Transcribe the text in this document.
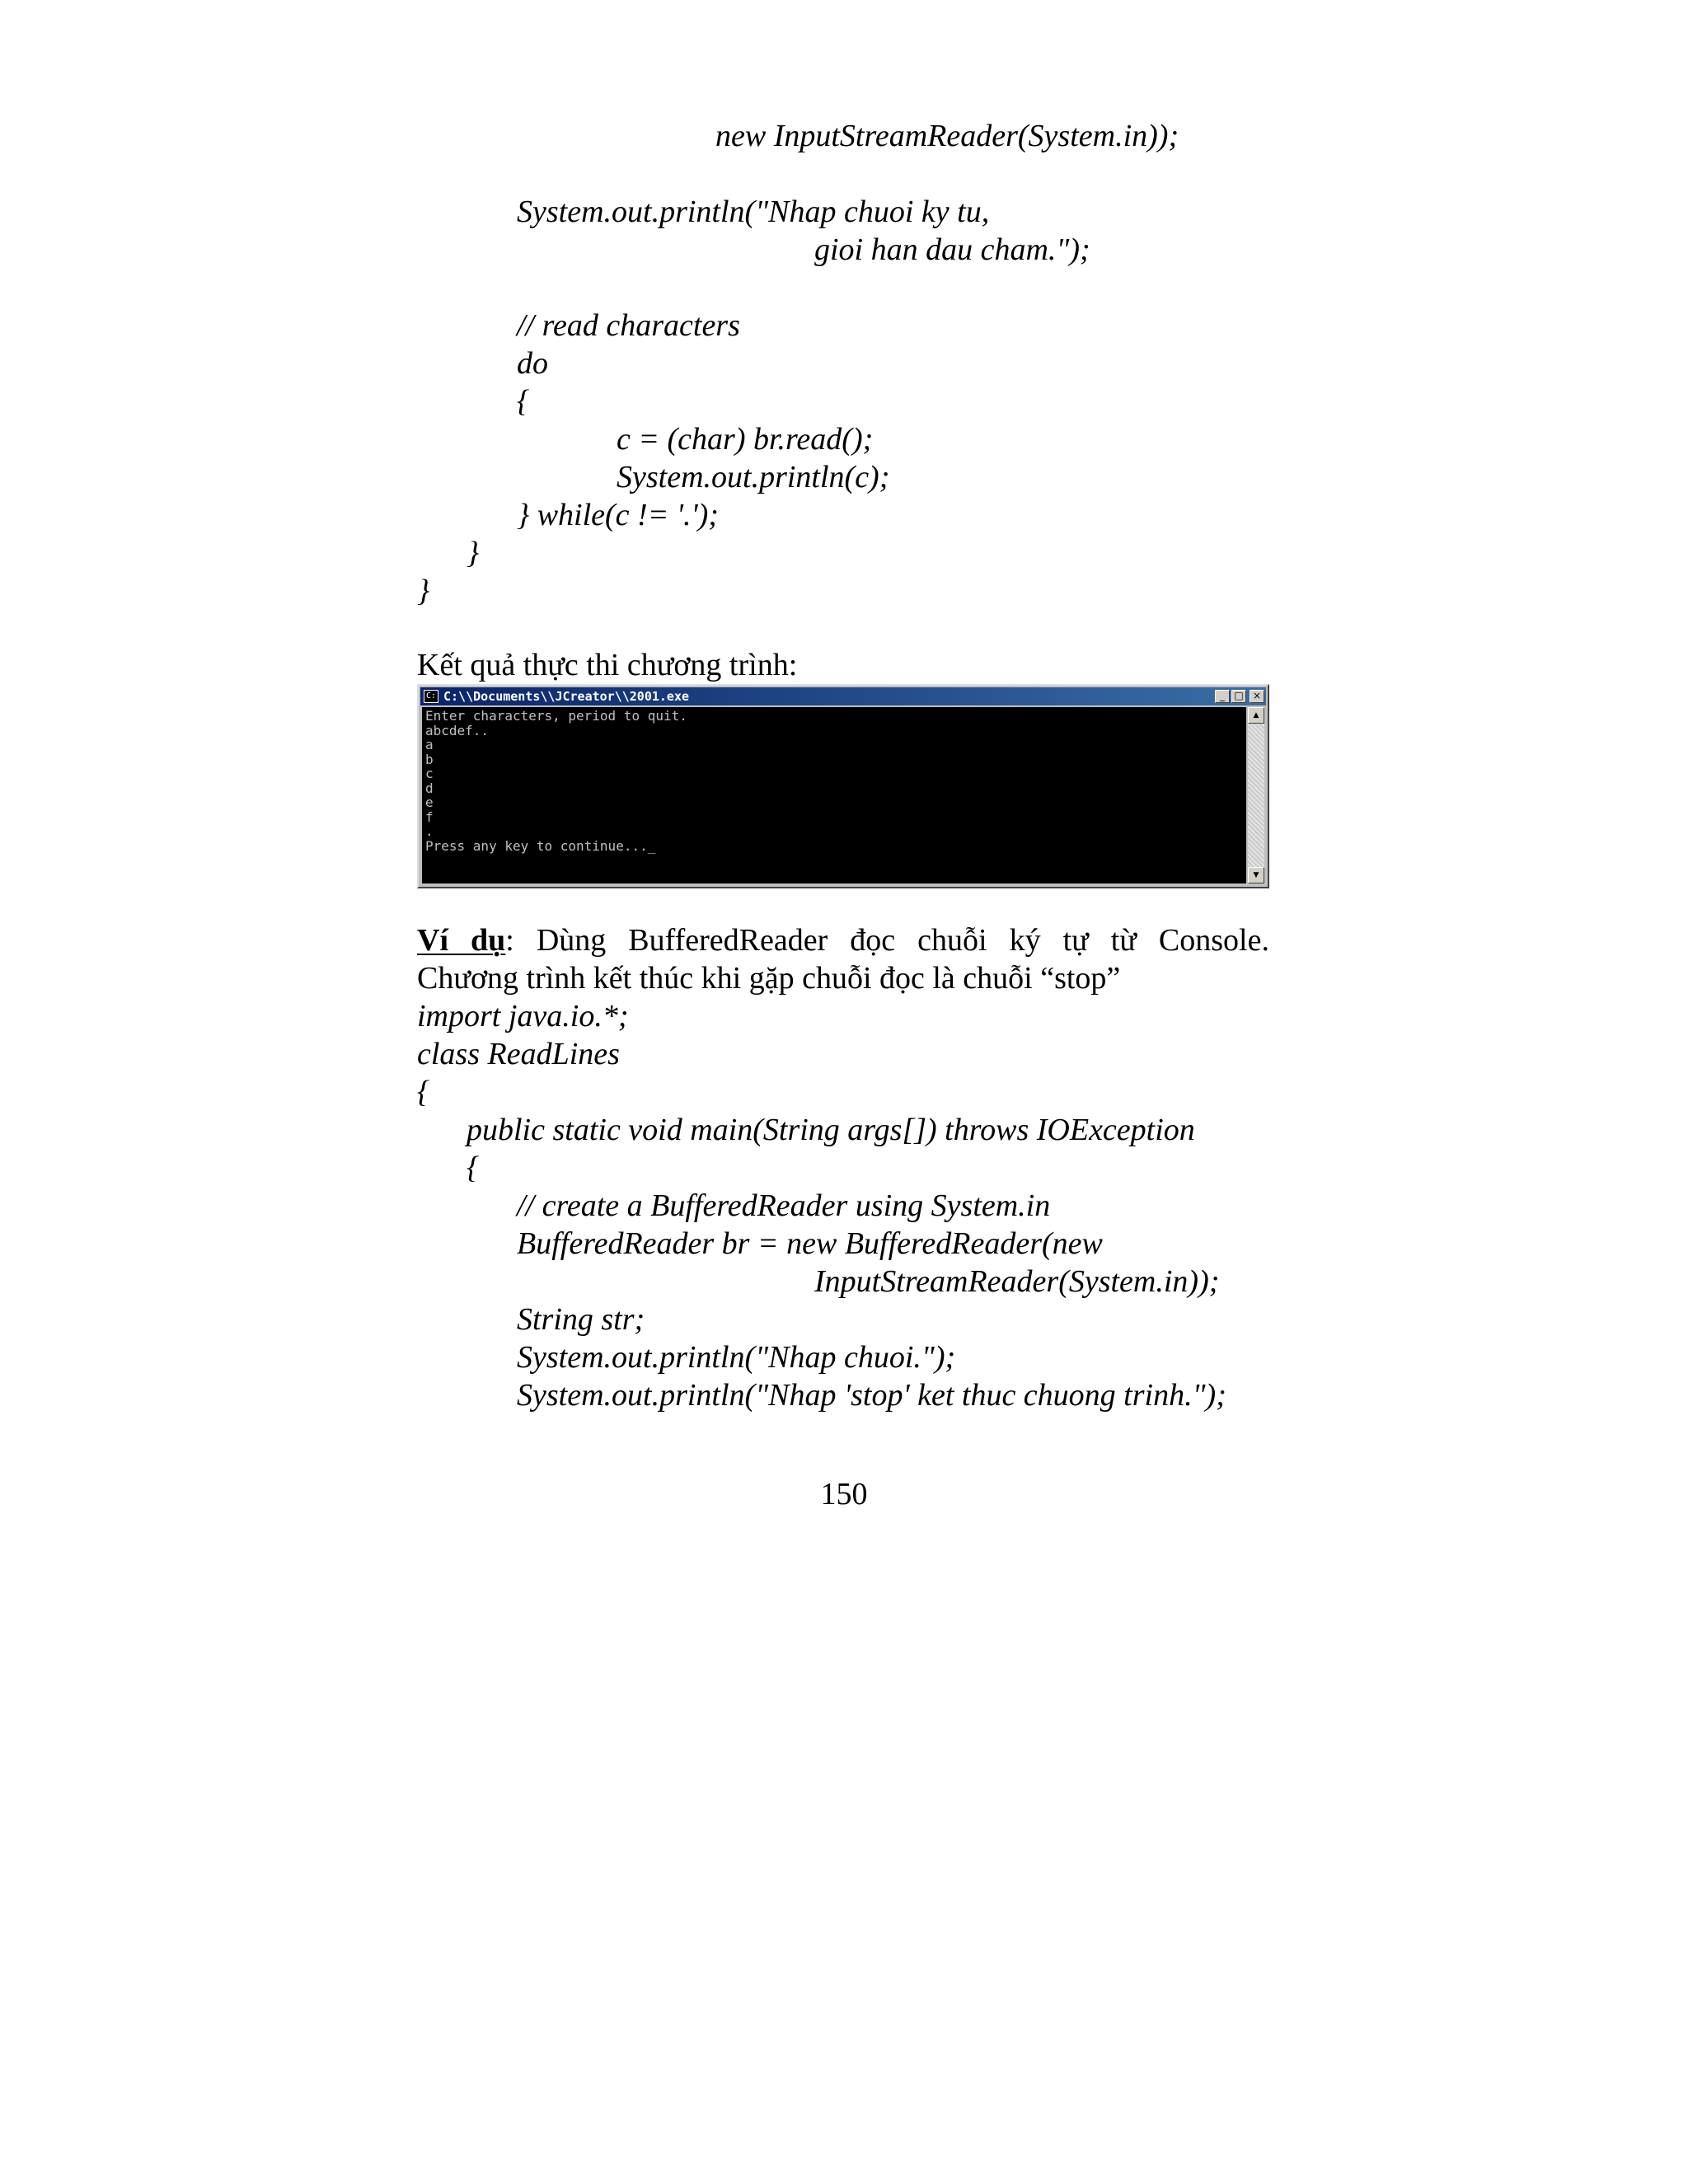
new InputStreamReader(System.in));
System.out.println("Nhap chuoi ky tu,
gioi han dau cham.");
// read characters
do
{
c = (char) br.read();
System.out.println(c);
} while(c != '.');
}
}
Kết quả thực thi chương trình:
C: C:\\Documents\\JCreator\\2001.exe	_ □ ×
Enter characters, period to quit.
abcdef..
a
b
c
d
e
f
.
Press any key to continue..._
▲
▼
Ví dụ: Dùng BufferedReader đọc chuỗi ký tự từ Console.
Chương trình kết thúc khi gặp chuỗi đọc là chuỗi “stop”
import java.io.*;
class ReadLines
{
public static void main(String args[]) throws IOException
{
// create a BufferedReader using System.in
BufferedReader br = new BufferedReader(new
InputStreamReader(System.in));
String str;
System.out.println("Nhap chuoi.");
System.out.println("Nhap 'stop' ket thuc chuong trinh.");
150
